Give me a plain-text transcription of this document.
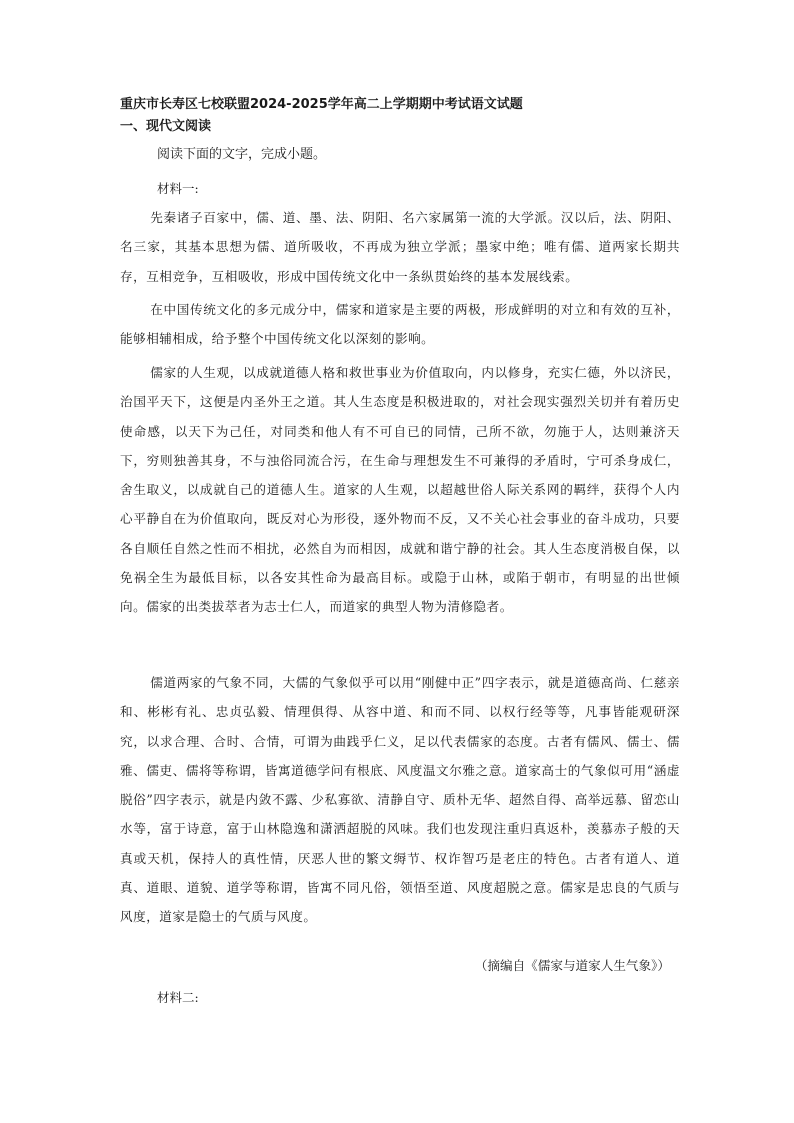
重庆市长寿区七校联盟2024-2025学年高二上学期期中考试语文试题
一、现代文阅读
阅读下面的文字，完成小题。
材料一:
先秦诸子百家中，儒、道、墨、法、阴阳、名六家属第一流的大学派。汉以后，法、阴阳、名三家，其基本思想为儒、道所吸收，不再成为独立学派；墨家中绝；唯有儒、道两家长期共存，互相竞争，互相吸收，形成中国传统文化中一条纵贯始终的基本发展线索。
在中国传统文化的多元成分中，儒家和道家是主要的两极，形成鲜明的对立和有效的互补，能够相辅相成，给予整个中国传统文化以深刻的影响。
儒家的人生观，以成就道德人格和救世事业为价值取向，内以修身，充实仁德，外以济民，治国平天下，这便是内圣外王之道。其人生态度是积极进取的，对社会现实强烈关切并有着历史使命感，以天下为己任，对同类和他人有不可自已的同情，己所不欲，勿施于人，达则兼济天下，穷则独善其身，不与浊俗同流合污，在生命与理想发生不可兼得的矛盾时，宁可杀身成仁，舍生取义，以成就自己的道德人生。道家的人生观，以超越世俗人际关系网的羁绊，获得个人内心平静自在为价值取向，既反对心为形役，逐外物而不反，又不关心社会事业的奋斗成功，只要各自顺任自然之性而不相扰，必然自为而相因，成就和谐宁静的社会。其人生态度消极自保，以免祸全生为最低目标，以各安其性命为最高目标。或隐于山林，或陷于朝市，有明显的出世倾向。儒家的出类拔萃者为志士仁人，而道家的典型人物为清修隐者。
儒道两家的气象不同，大儒的气象似乎可以用“刚健中正”四字表示，就是道德高尚、仁慈亲和、彬彬有礼、忠贞弘毅、情理俱得、从容中道、和而不同、以权行经等等，凡事皆能观研深究，以求合理、合时、合情，可谓为曲践乎仁义，足以代表儒家的态度。古者有儒风、儒士、儒雅、儒吏、儒将等称谓，皆寓道德学问有根底、风度温文尔雅之意。道家高士的气象似可用“涵虚脱俗”四字表示，就是内敛不露、少私寡欲、清静自守、质朴无华、超然自得、高举远慕、留恋山水等，富于诗意，富于山林隐逸和潇洒超脱的风味。我们也发现注重归真返朴，羡慕赤子般的天真或天机，保持人的真性情，厌恶人世的繁文缛节、权诈智巧是老庄的特色。古者有道人、道真、道眼、道貌、道学等称谓，皆寓不同凡俗，领悟至道、风度超脱之意。儒家是忠良的气质与风度，道家是隐士的气质与风度。
（摘编自《儒家与道家人生气象》）
材料二:
